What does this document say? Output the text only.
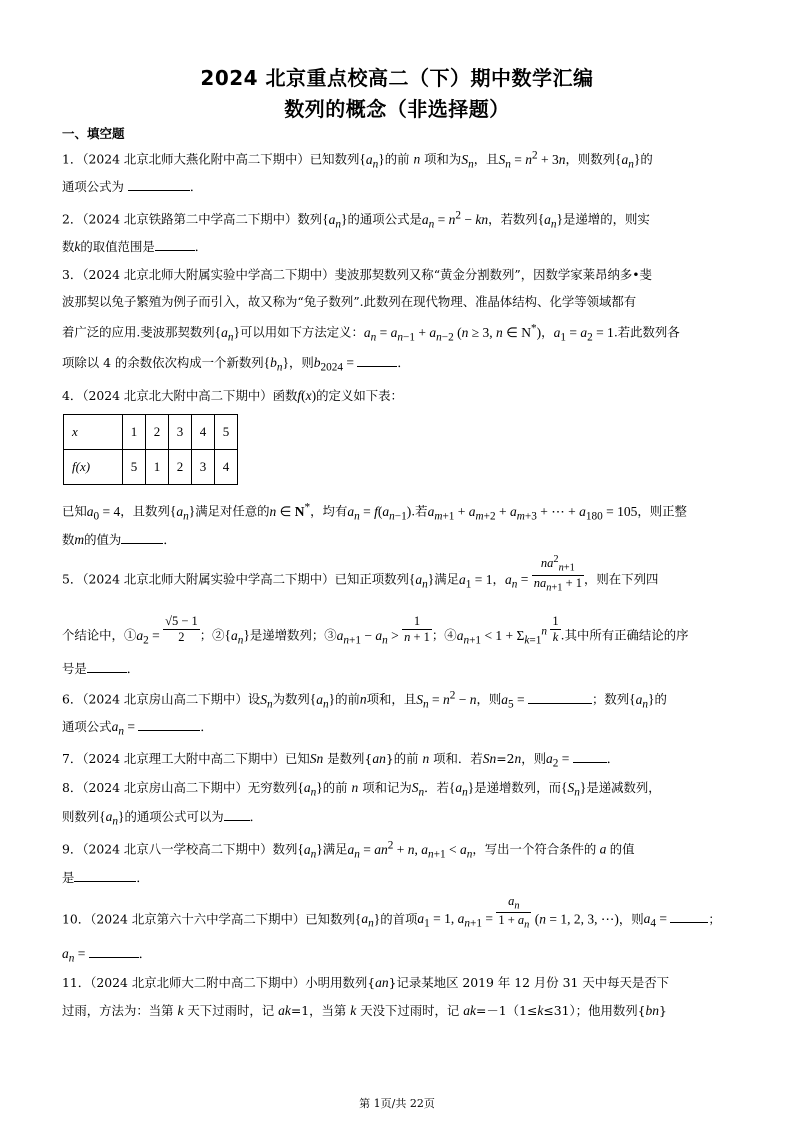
2024 北京重点校高二（下）期中数学汇编
数列的概念（非选择题）
一、填空题
1．（2024 北京北师大燕化附中高二下期中）已知数列$\{a_n\}$的前 n 项和为$S_n$，且$S_n = n^2 + 3n$，则数列$\{a_n\}$的
通项公式为	．
2．（2024 北京铁路第二中学高二下期中）数列$\{a_n\}$的通项公式是$a_n = n^2$ − kn，若数列$\{a_n\}$是递增的，则实
数k的取值范围是	．
3．（2024 北京北师大附属实验中学高二下期中）斐波那契数列又称“黄金分割数列”，因数学家莱昂纳多•斐
波那契以兔子繁殖为例子而引入，故又称为“兔子数列”.此数列在现代物理、准晶体结构、化学等领域都有
着广泛的应用.斐波那契数列$\{a_n\}$可以用如下方法定义：$a_n = a_{n-1} + a_{n-2}$ (n ≥ 3, n ∈ N*)，$a_1 = a_2 = 1$.若此数列各
项除以 4 的余数依次构成一个新数列$\{b_n\}$，则$b_{2024}$ =	．
4．（2024 北京北大附中高二下期中）函数f(x)的定义如下表：
x	1	2	3	4	5
f(x)	5	1	2	3	4
已知$a_0 = 4$，且数列$\{a_n\}$满足对任意的n ∈ N*，均有$a_n = f(a_{n-1})$.若$a_{m+1} + a_{m+2} + a_{m+3}$ + ⋯ + $a_{180} = 105$，则正整
数m的值为	．
5．（2024 北京北师大附属实验中学高二下期中）已知正项数列$\{a_n\}$满足$a_1 = 1$，$a_n = \frac{na^2_{n+1}}{na_{n+1} + 1}$ ，则在下列四
个结论中，$①a_2 = \frac{√5 - 1}{2}$ ；$②\{a_n\}$是递增数列；$③a_{n+1} - a_n > \frac{1}{n + 1}$ ；$④a_{n+1} < 1 + \Sigma_{k=1}^n \frac{1}{k}$ .其中所有正确结论的序
号是	．
6．（2024 北京房山高二下期中）设$S_n$为数列$\{a_n\}$的前n项和，且$S_n = n^2 - n$，则$a_5$ =	；数列$\{a_n\}$的
通项公式$a_n$ =	．
7．（2024 北京理工大附中高二下期中）已知Sn 是数列{an}的前 n 项和．若Sn=2n，则$a_2$ =	．
8．（2024 北京房山高二下期中）无穷数列$\{a_n\}$的前 n 项和记为$S_n$．若$\{a_n\}$是递增数列，而$\{S_n\}$是递减数列，
则数列$\{a_n\}$的通项公式可以为 ．
9．（2024 北京八一学校高二下期中）数列$\{a_n\}$满足$a_n = an^2 + n$, $a_{n+1} < a_n$，写出一个符合条件的 a 的值
是	．
10．（2024 北京第六十六中学高二下期中）已知数列$\{a_n\}$的首项$a_1 = 1$, $a_{n+1} = \frac{a_n}{1 + a_n} (n = 1$, 2, 3, ⋯)，则$a_4$ =	；
$a_n$ =	．
11．（2024 北京北师大二附中高二下期中）小明用数列{an}记录某地区 2019 年 12 月份 31 天中每天是否下
过雨，方法为：当第 k 天下过雨时，记 ak=1，当第 k 天没下过雨时，记 ak=－1（1≤k≤31）；他用数列{bn}
第 1页/共 22页
